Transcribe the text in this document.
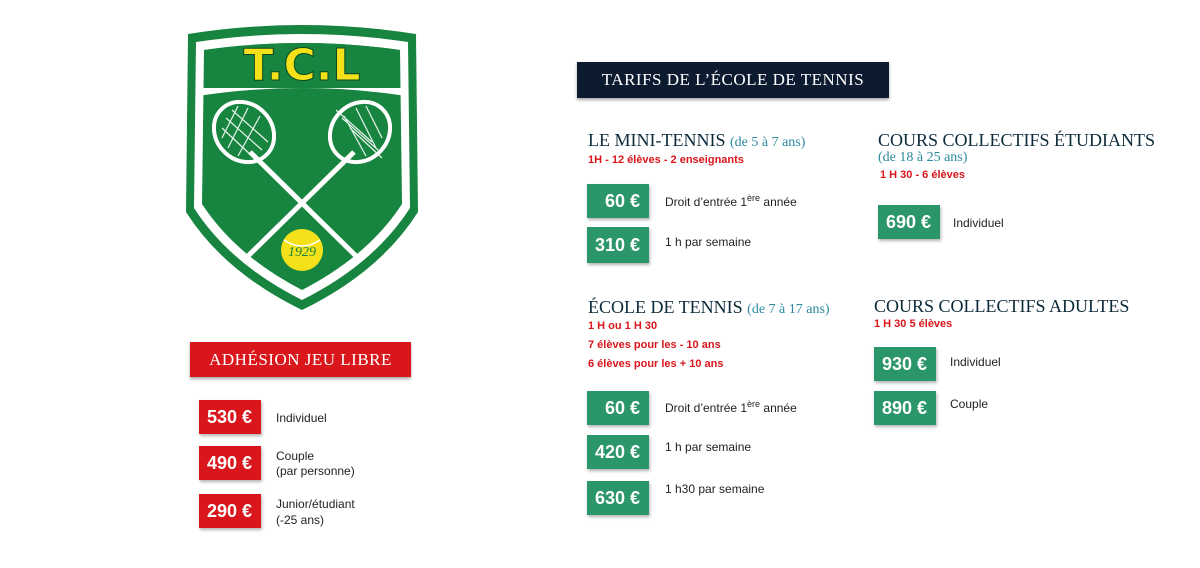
T.C.L
1929
ADHÉSION JEU LIBRE
530 €	Individuel
490 €	Couple
(par personne)
290 €	Junior/étudiant
(-25 ans)
TARIFS DE L’ÉCOLE DE TENNIS
LE MINI-TENNIS (de 5 à 7 ans)
1H - 12 élèves - 2 enseignants
60 €	Droit d’entrée 1ère année
310 €	1 h par semaine
ÉCOLE DE TENNIS (de 7 à 17 ans)
1 H ou 1 H 30
7 élèves pour les - 10 ans
6 élèves pour les + 10 ans
60 €	Droit d’entrée 1ère année
420 €	1 h par semaine
630 €	1 h30 par semaine
COURS COLLECTIFS ÉTUDIANTS
(de 18 à 25 ans)
1 H 30 - 6 élèves
690 €	Individuel
COURS COLLECTIFS ADULTES
1 H 30 5 élèves
930 €	Individuel
890 €	Couple
